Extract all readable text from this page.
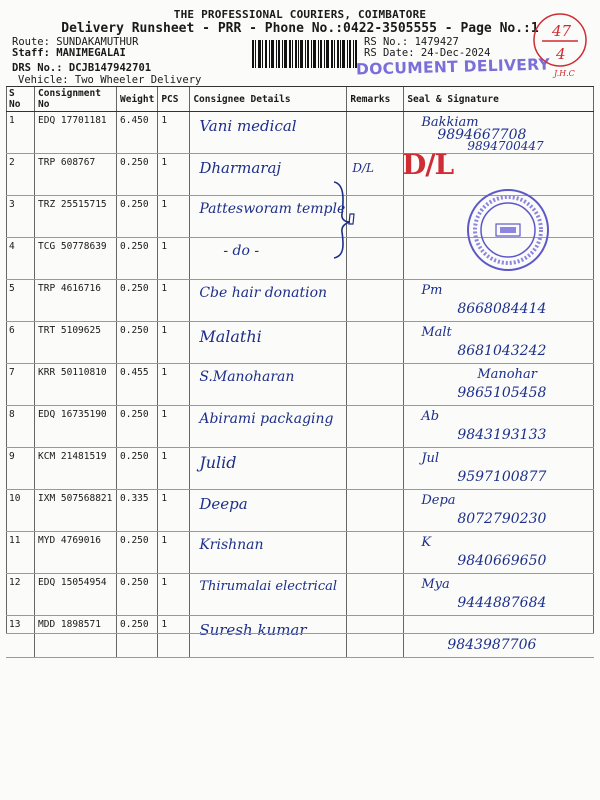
THE PROFESSIONAL COURIERS, COIMBATORE
Delivery Runsheet - PRR - Phone No.:0422-3505555 - Page No.:1
Route: SUNDAKAMUTHUR
Staff: MANIMEGALAI
DRS No.: DCJB147942701
Vehicle: Two Wheeler Delivery
RS No.: 1479427
RS Date: 24-Dec-2024
DOCUMENT DELIVERY
47
4
J.H.C
S No	Consignment No	Weight	PCS	Consignee Details	Remarks	Seal & Signature
1	EDQ 17701181	6.450	1	Vani medical		Bakkiam
9894667708
9894700447

2	TRP 608767	0.250	1	Dharmaraj	D/L	

3	TRZ 25515715	0.250	1	Pattesworam temple		

4	TCG 50778639	0.250	1	- do -		

5	TRP 4616716	0.250	1	Cbe hair donation		Pm
8668084414

6	TRT 5109625	0.250	1	Malathi		Malt
8681043242

7	KRR 50110810	0.455	1	S.Manoharan		Manohar
9865105458

8	EDQ 16735190	0.250	1	Abirami packaging		Ab
9843193133

9	KCM 21481519	0.250	1	Julid		Jul
9597100877

10	IXM 507568821	0.335	1	Deepa		Depa
8072790230

11	MYD 4769016	0.250	1	Krishnan		K
9840669650

12	EDQ 15054954	0.250	1	Thirumalai electrical		Mya
9444887684

13	MDD 1898571	0.250	1	Suresh kumar		9843987706
D/L
